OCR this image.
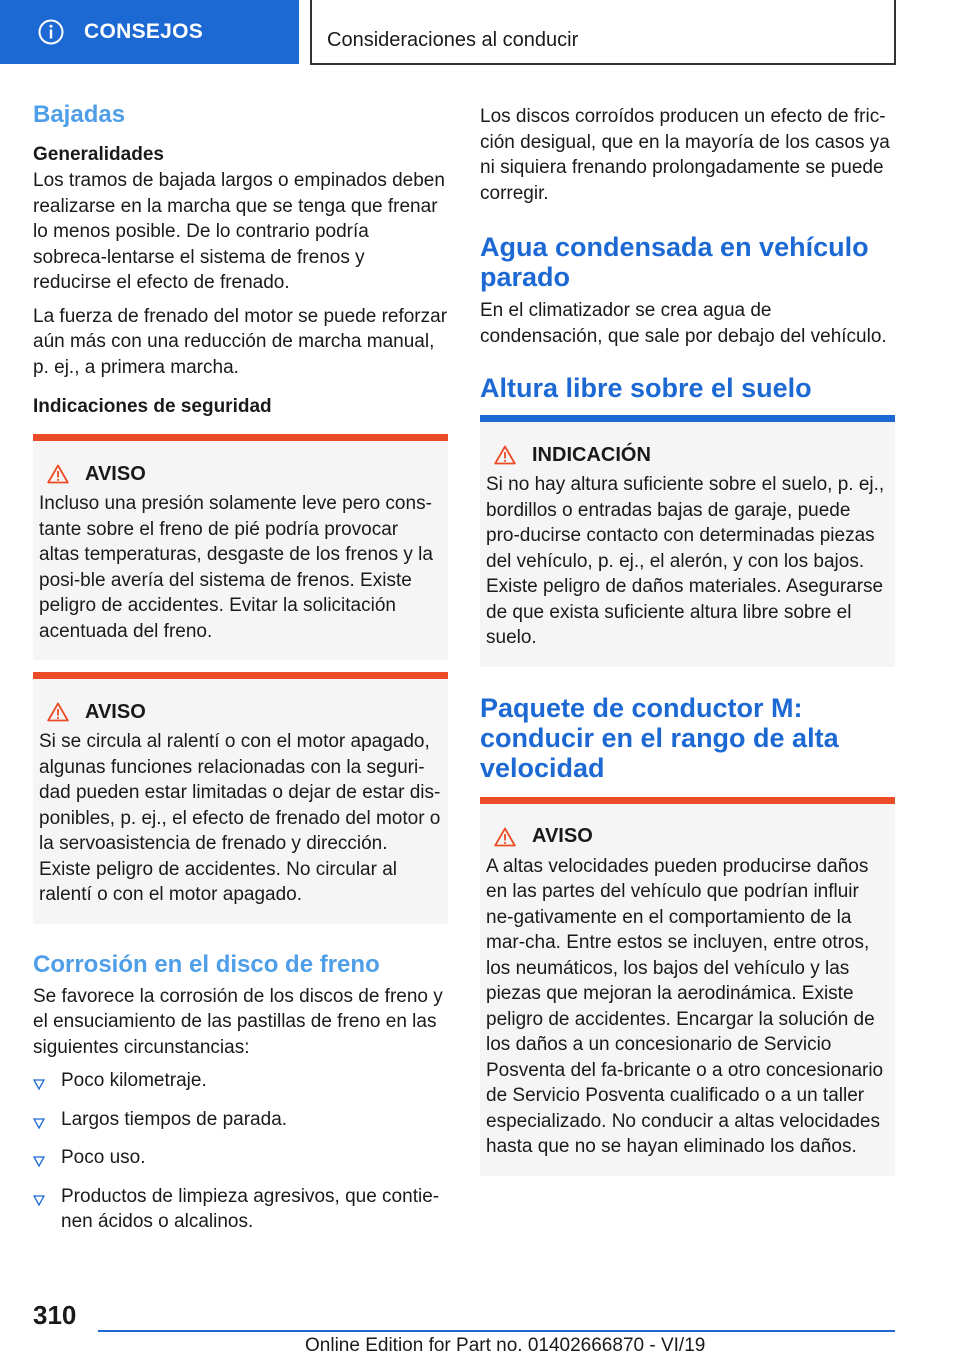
CONSEJOS	Consideraciones al conducir
Bajadas
Generalidades

Los tramos de bajada largos o empinados deben realizarse en la marcha que se tenga que frenar lo menos posible. De lo contrario podría sobreca-lentarse el sistema de frenos y reducirse el efecto de frenado.

La fuerza de frenado del motor se puede reforzar aún más con una reducción de marcha manual, p. ej., a primera marcha.

Indicaciones de seguridad
AVISO

Incluso una presión solamente leve pero cons-tante sobre el freno de pié podría provocar altas temperaturas, desgaste de los frenos y la posi-ble avería del sistema de frenos. Existe peligro de accidentes. Evitar la solicitación acentuada del freno.

AVISO

Si se circula al ralentí o con el motor apagado, algunas funciones relacionadas con la seguri-dad pueden estar limitadas o dejar de estar dis-ponibles, p. ej., el efecto de frenado del motor o la servoasistencia de frenado y dirección. Existe peligro de accidentes. No circular al ralentí o con el motor apagado.

Corrosión en el disco de freno

Se favorece la corrosión de los discos de freno y el ensuciamiento de las pastillas de freno en las siguientes circunstancias:

Poco kilometraje.
Largos tiempos de parada.
Poco uso.
Productos de limpieza agresivos, que contie-nen ácidos o alcalinos.

Los discos corroídos producen un efecto de fric-ción desigual, que en la mayoría de los casos ya ni siquiera frenando prolongadamente se puede corregir.

Agua condensada en vehículo parado

En el climatizador se crea agua de condensación, que sale por debajo del vehículo.

Altura libre sobre el suelo
INDICACIÓN

Si no hay altura suficiente sobre el suelo, p. ej., bordillos o entradas bajas de garaje, puede pro-ducirse contacto con determinadas piezas del vehículo, p. ej., el alerón, y con los bajos. Existe peligro de daños materiales. Asegurarse de que exista suficiente altura libre sobre el suelo.

Paquete de conductor M: conducir en el rango de alta velocidad
AVISO

A altas velocidades pueden producirse daños en las partes del vehículo que podrían influir ne-gativamente en el comportamiento de la mar-cha. Entre estos se incluyen, entre otros, los neumáticos, los bajos del vehículo y las piezas que mejoran la aerodinámica. Existe peligro de accidentes. Encargar la solución de los daños a un concesionario de Servicio Posventa del fa-bricante o a otro concesionario de Servicio Posventa cualificado o a un taller especializado. No conducir a altas velocidades hasta que no se hayan eliminado los daños.

310
Online Edition for Part no. 01402666870 - VI/19
